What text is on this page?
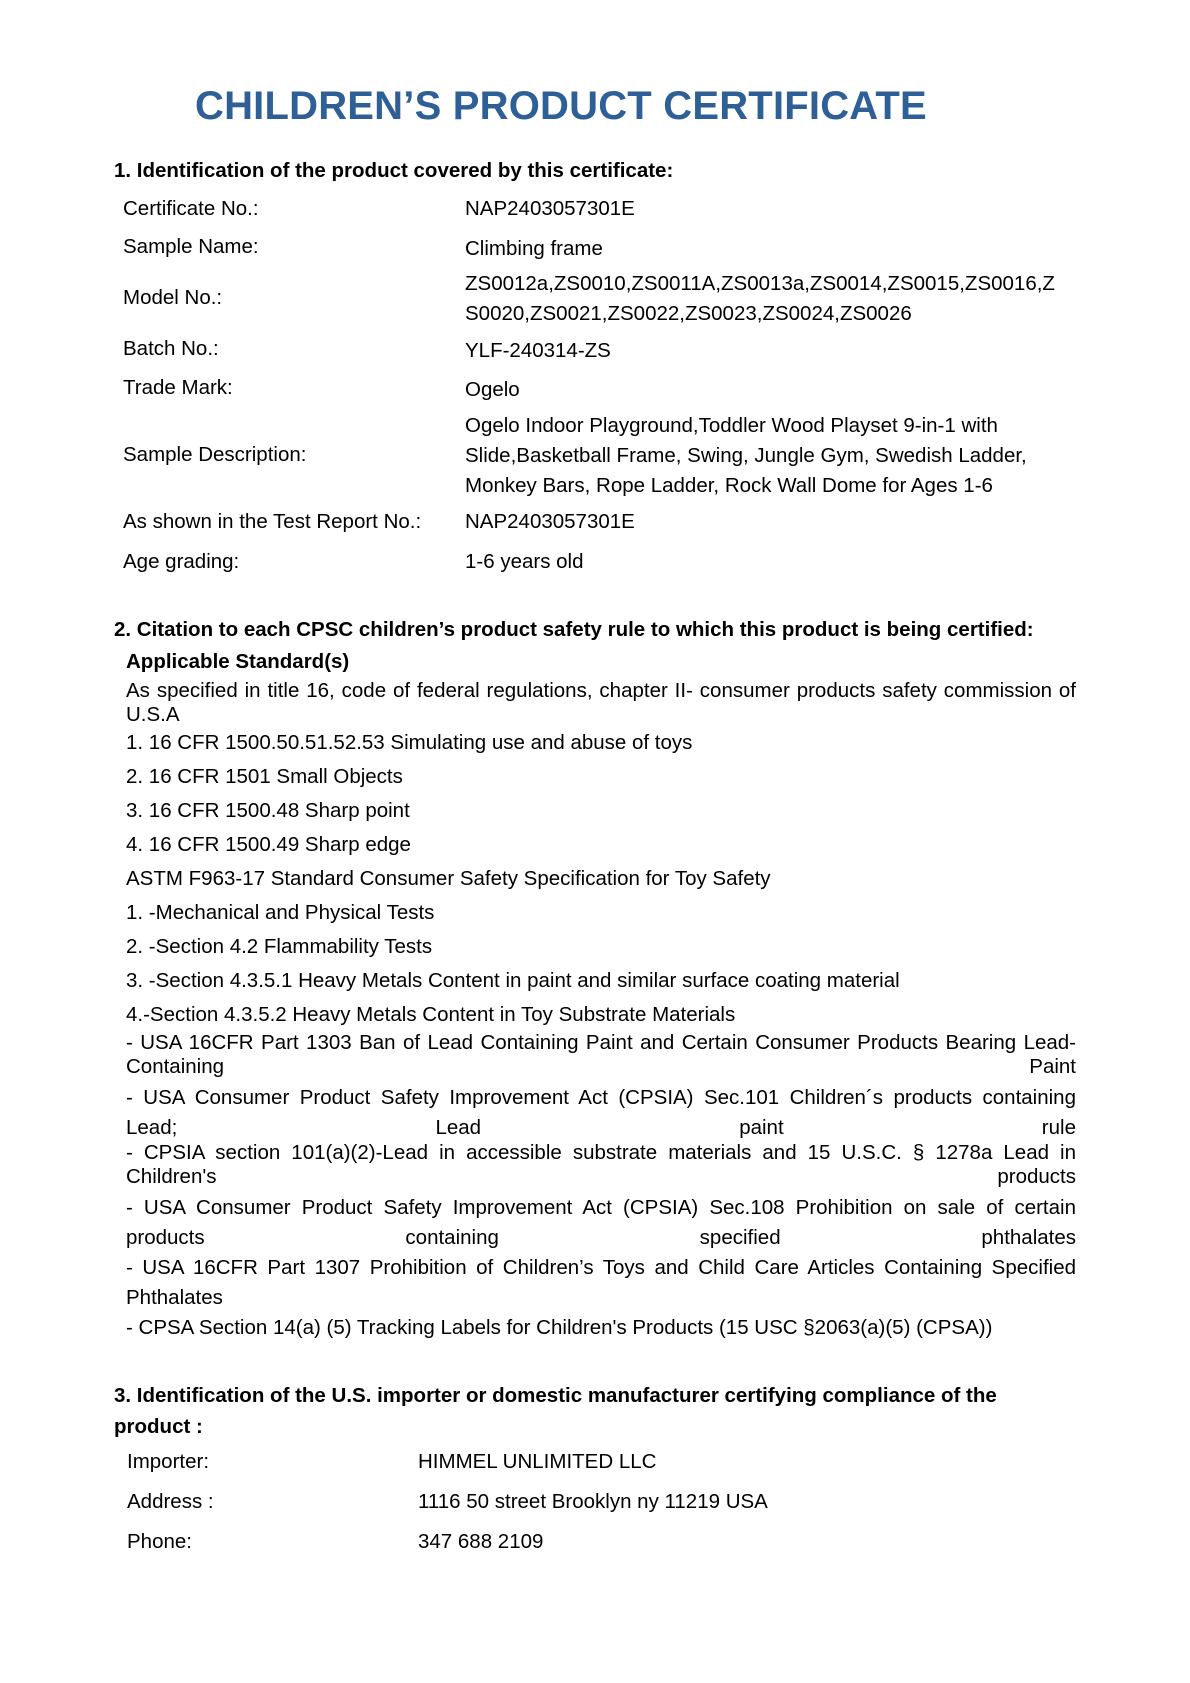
CHILDREN’S PRODUCT CERTIFICATE
1. Identification of the product covered by this certificate:
Certificate No.:	NAP2403057301E
Sample Name:	Climbing frame
Model No.:
ZS0012a,ZS0010,ZS0011A,ZS0013a,ZS0014,ZS0015,ZS0016,Z
S0020,ZS0021,ZS0022,ZS0023,ZS0024,ZS0026
Batch No.:	YLF-240314-ZS
Trade Mark:	Ogelo
Sample Description:
Ogelo Indoor Playground,Toddler Wood Playset 9-in-1 with
Slide,Basketball Frame, Swing, Jungle Gym, Swedish Ladder,
Monkey Bars, Rope Ladder, Rock Wall Dome for Ages 1-6
As shown in the Test Report No.: NAP2403057301E
Age grading:	1-6 years old
2. Citation to each CPSC children’s product safety rule to which this product is being certified:
Applicable Standard(s)
As specified in title 16, code of federal regulations, chapter II- consumer products safety commission of U.S.A
1. 16 CFR 1500.50.51.52.53 Simulating use and abuse of toys
2. 16 CFR 1501 Small Objects
3. 16 CFR 1500.48 Sharp point
4. 16 CFR 1500.49 Sharp edge
ASTM F963-17 Standard Consumer Safety Specification for Toy Safety
1. -Mechanical and Physical Tests
2. -Section 4.2 Flammability Tests
3. -Section 4.3.5.1 Heavy Metals Content in paint and similar surface coating material
4.-Section 4.3.5.2 Heavy Metals Content in Toy Substrate Materials
- USA 16CFR Part 1303 Ban of Lead Containing Paint and Certain Consumer Products Bearing Lead-Containing Paint
- USA Consumer Product Safety Improvement Act (CPSIA) Sec.101 Children´s products containing Lead; Lead paint rule
- CPSIA section 101(a)(2)-Lead in accessible substrate materials and 15 U.S.C. § 1278a Lead in Children's products
- USA Consumer Product Safety Improvement Act (CPSIA) Sec.108 Prohibition on sale of certain products containing specified phthalates
- USA 16CFR Part 1307 Prohibition of Children’s Toys and Child Care Articles Containing Specified Phthalates
- CPSA Section 14(a) (5) Tracking Labels for Children's Products (15 USC §2063(a)(5) (CPSA))
3. Identification of the U.S. importer or domestic manufacturer certifying compliance of the
product :
Importer:	HIMMEL UNLIMITED LLC
Address :	1116 50 street Brooklyn ny 11219 USA
Phone:	347 688 2109
